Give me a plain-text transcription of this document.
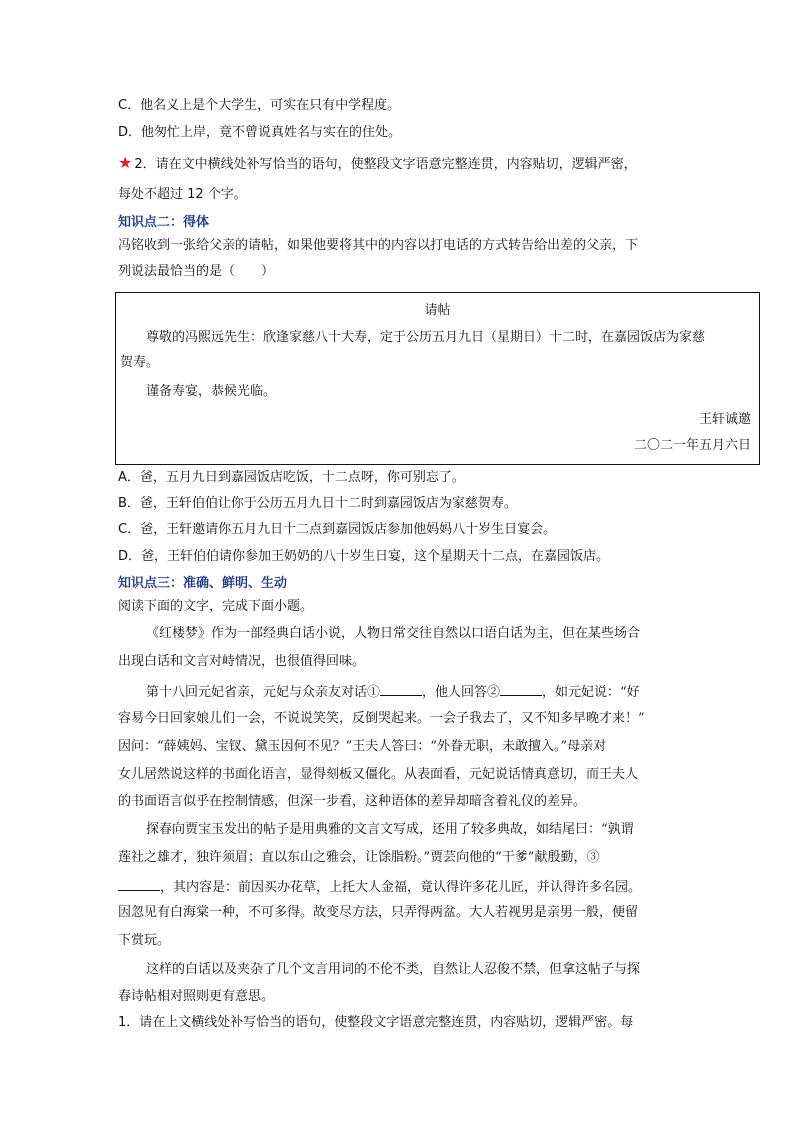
C．他名义上是个大学生，可实在只有中学程度。
D．他匆忙上岸，竟不曾说真姓名与实在的住处。
★ 2．请在文中横线处补写恰当的语句，使整段文字语意完整连贯，内容贴切，逻辑严密，
每处不超过 12 个字。
知识点二：得体
冯铭收到一张给父亲的请帖，如果他要将其中的内容以打电话的方式转告给出差的父亲，下
列说法最恰当的是（　　）
请帖
尊敬的冯熙远先生：欣逢家慈八十大寿，定于公历五月九日（星期日）十二时，在嘉园饭店为家慈
贺寿。
谨备寿宴，恭候光临。
王轩诚邀
二〇二一年五月六日
A．爸，五月九日到嘉园饭店吃饭，十二点呀，你可别忘了。
B．爸，王轩伯伯让你于公历五月九日十二时到嘉园饭店为家慈贺寿。
C．爸，王轩邀请你五月九日十二点到嘉园饭店参加他妈妈八十岁生日宴会。
D．爸，王轩伯伯请你参加王奶奶的八十岁生日宴，这个星期天十二点，在嘉园饭店。
知识点三：准确、鲜明、生动
阅读下面的文字，完成下面小题。
《红楼梦》作为一部经典白话小说，人物日常交往自然以口语白话为主，但在某些场合
出现白话和文言对峙情况，也很值得回味。
第十八回元妃省亲，元妃与众亲友对话①	，他人回答②	，如元妃说：“好
容易今日回家娘儿们一会，不说说笑笑，反倒哭起来。一会子我去了，又不知多早晚才来！”
因问：“薛姨妈、宝钗、黛玉因何不见？”王夫人答曰：“外眷无职，未敢擅入。”母亲对
女儿居然说这样的书面化语言，显得刻板又僵化。从表面看，元妃说话情真意切，而王夫人
的书面语言似乎在控制情感，但深一步看，这种语体的差异却暗含着礼仪的差异。
探春向贾宝玉发出的帖子是用典雅的文言文写成，还用了较多典故，如结尾曰：“孰谓
莲社之雄才，独许须眉；直以东山之雅会，让馀脂粉。”贾芸向他的“干爹”献殷勤，③
，其内容是：前因买办花草，上托大人金福，竟认得许多花儿匠，并认得许多名园。
因忽见有白海棠一种，不可多得。故变尽方法，只弄得两盆。大人若视男是亲男一般，便留
下赏玩。
这样的白话以及夹杂了几个文言用词的不伦不类，自然让人忍俊不禁，但拿这帖子与探
春诗帖相对照则更有意思。
1．请在上文横线处补写恰当的语句，使整段文字语意完整连贯，内容贴切，逻辑严密。每
